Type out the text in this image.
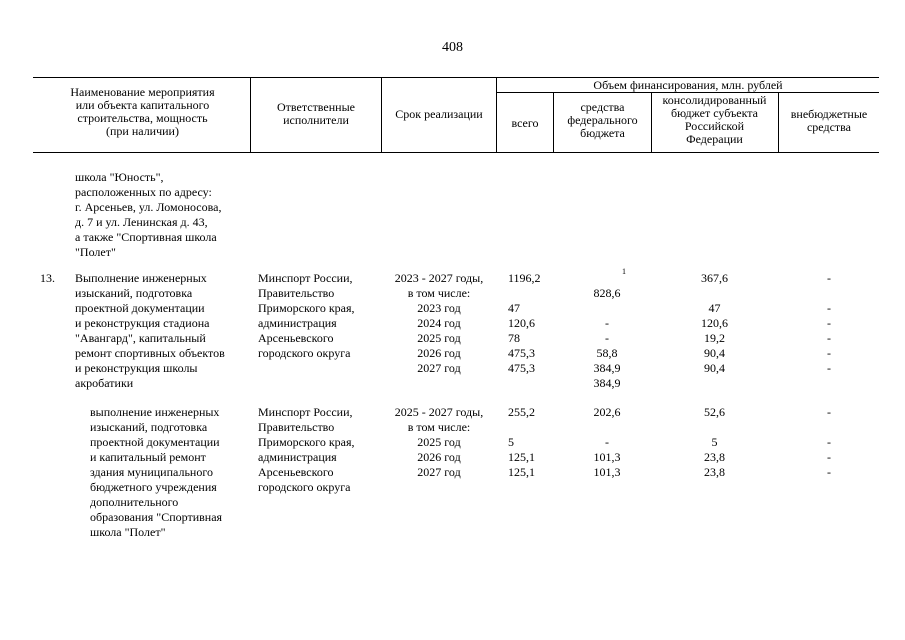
408
Наименование мероприятия
или объекта капитального
строительства, мощность
(при наличии)
Ответственные
исполнители	Срок реализации
Объем финансирования, млн. рублей
всего
средства
федерального
бюджета
консолидированный
бюджет субъекта
Российской
Федерации
внебюджетные
средства
школа "Юность",
расположенных по адресу:
г. Арсеньев, ул. Ломоносова,
д. 7 и ул. Ленинская д. 43,
а также "Спортивная школа
"Полет"
13. Выполнение инженерных
изысканий, подготовка
проектной документации
и реконструкция стадиона
"Авангард", капитальный
ремонт спортивных объектов
и реконструкция школы
акробатики
Минспорт России,
Правительство
Приморского края,
администрация
Арсеньевского
городского округа
2023 - 2027 годы,
в том числе:
2023 год
2024 год
2025 год
2026 год
2027 год
1196,2

47
120,6
78
475,3
475,3

828,6

-
-
58,8
384,9
384,9

1	367,6

47
120,6
19,2
90,4
90,4
-

-
-
-
-
-
выполнение инженерных
изысканий, подготовка
проектной документации
и капитальный ремонт
здания муниципального
бюджетного учреждения
дополнительного
образования "Спортивная
школа "Полет"
Минспорт России,
Правительство
Приморского края,
администрация
Арсеньевского
городского округа
2025 - 2027 годы,
в том числе:
2025 год
2026 год
2027 год
255,2

5
125,1
125,1
202,6

-
101,3
101,3
52,6

5
23,8
23,8
-

-
-
-
